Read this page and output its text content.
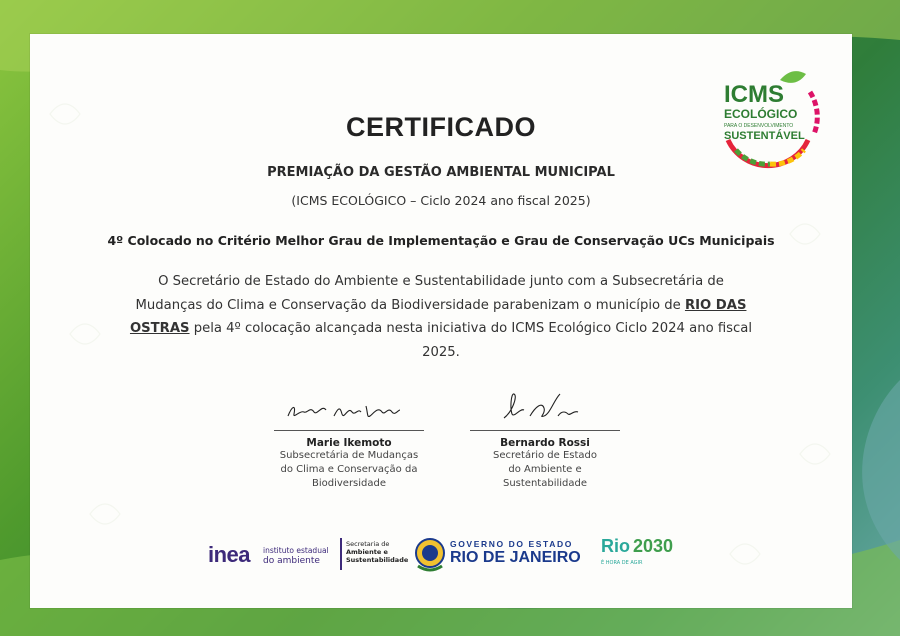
ICMS
ECOLÓGICO
PARA O DESENVOLVIMENTO
SUSTENTÁVEL
CERTIFICADO
PREMIAÇÃO DA GESTÃO AMBIENTAL MUNICIPAL
(ICMS ECOLÓGICO – Ciclo 2024 ano fiscal 2025)
4º Colocado no Critério Melhor Grau de Implementação e Grau de Conservação UCs Municipais
O Secretário de Estado do Ambiente e Sustentabilidade junto com a Subsecretária de Mudanças do Clima e Conservação da Biodiversidade parabenizam o município de RIO DAS OSTRAS pela 4º colocação alcançada nesta iniciativa do ICMS Ecológico Ciclo 2024 ano fiscal 2025.
Marie Ikemoto
Subsecretária de Mudanças
do Clima e Conservação da
Biodiversidade
Bernardo Rossi
Secretário de Estado
do Ambiente e
Sustentabilidade
inea instituto estadual
do ambiente
Secretaria de
Ambiente e
Sustentabilidade
GOVERNO DO ESTADO
RIO DE JANEIRO
Rio 2030
É HORA DE AGIR
